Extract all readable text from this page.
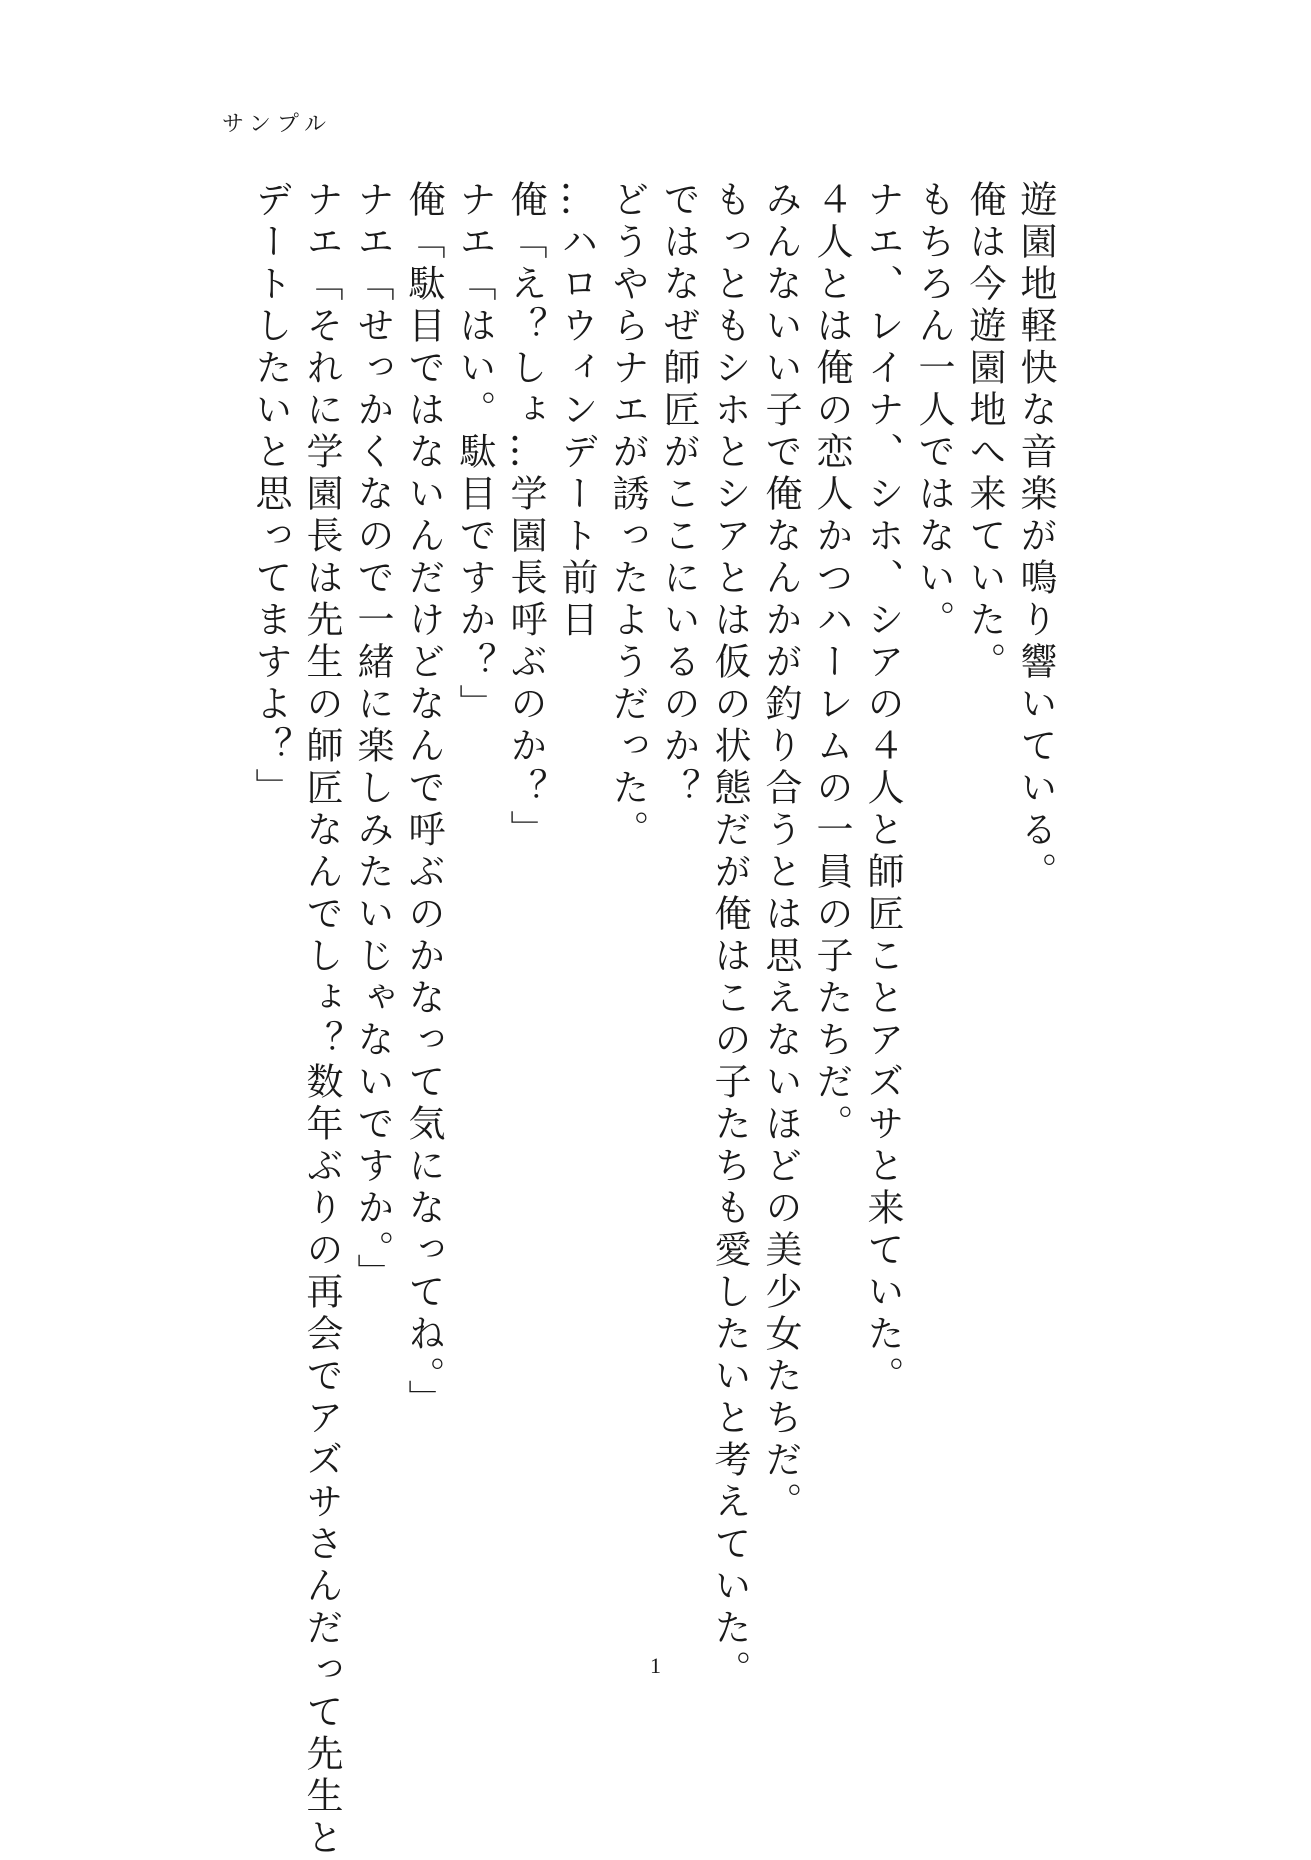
サンプル
遊園地軽快な音楽が鳴り響いている。
俺は今遊園地へ来ていた。
もちろん一人ではない。
ナエ、レイナ、シホ、シアの４人と師匠ことアズサと来ていた。
４人とは俺の恋人かつハーレムの一員の子たちだ。
みんないい子で俺なんかが釣り合うとは思えないほどの美少女たちだ。
もっともシホとシアとは仮の状態だが俺はこの子たちも愛したいと考えていた。
ではなぜ師匠がここにいるのか？
どうやらナエが誘ったようだった。
…ハロウィンデート前日
俺「え？しょ…学園長呼ぶのか？」
ナエ「はい。駄目ですか？」
俺「駄目ではないんだけどなんで呼ぶのかなって気になってね。」
ナエ「せっかくなので一緒に楽しみたいじゃないですか。」
ナエ「それに学園長は先生の師匠なんでしょ？数年ぶりの再会でアズサさんだって先生と
デートしたいと思ってますよ？」
1
